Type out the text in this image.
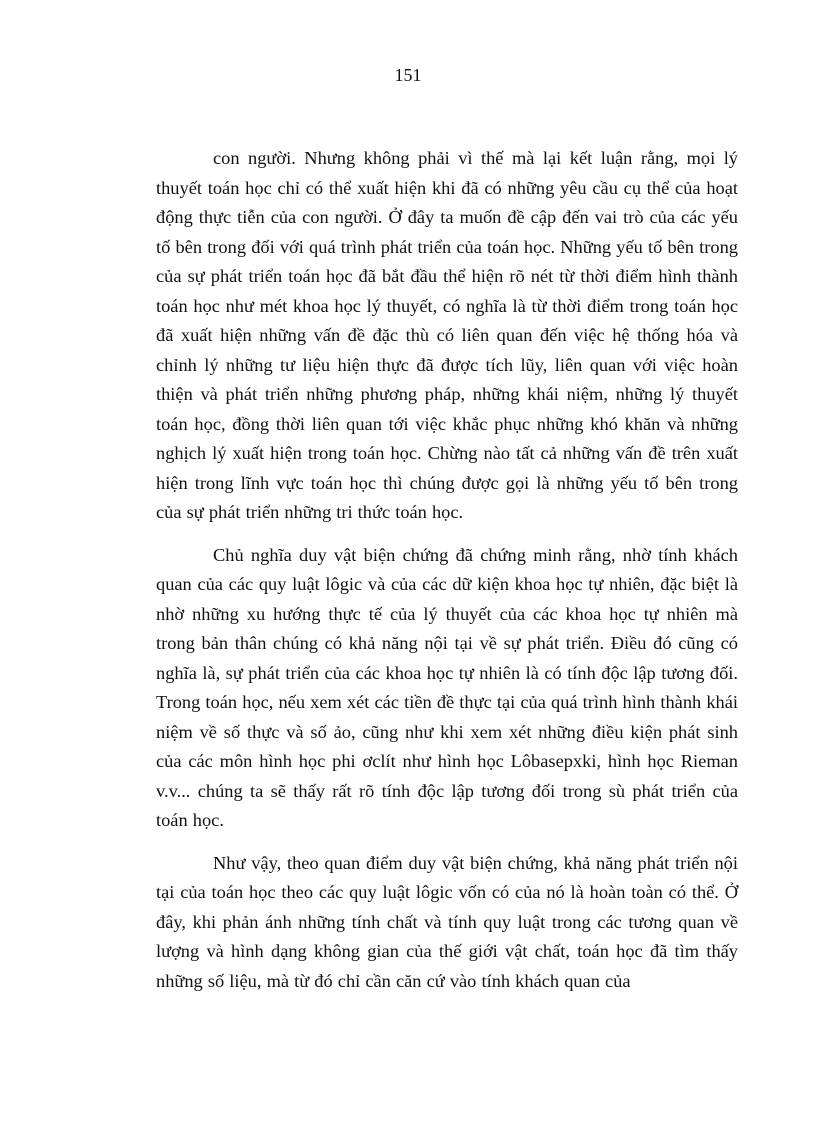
151

con người. Nhưng không phải vì thế mà lại kết luận rằng, mọi lý thuyết toán học chỉ có thể xuất hiện khi đã có những yêu cầu cụ thể của hoạt động thực tiễn của con người. Ở đây ta muốn đề cập đến vai trò của các yếu tố bên trong đối với quá trình phát triển của toán học. Những yếu tố bên trong của sự phát triển toán học đã bắt đầu thể hiện rõ nét từ thời điểm hình thành toán học như mét khoa học lý thuyết, có nghĩa là từ thời điểm trong toán học đã xuất hiện những vấn đề đặc thù có liên quan đến việc hệ thống hóa và chỉnh lý những tư liệu hiện thực đã được tích lũy, liên quan với việc hoàn thiện và phát triển những phương pháp, những khái niệm, những lý thuyết toán học, đồng thời liên quan tới việc khắc phục những khó khăn và những nghịch lý xuất hiện trong toán học. Chừng nào tất cả những vấn đề trên xuất hiện trong lĩnh vực toán học thì chúng được gọi là những yếu tố bên trong của sự phát triển những tri thức toán học.

Chủ nghĩa duy vật biện chứng đã chứng minh rằng, nhờ tính khách quan của các quy luật lôgic và của các dữ kiện khoa học tự nhiên, đặc biệt là nhờ những xu hướng thực tế của lý thuyết của các khoa học tự nhiên mà trong bản thân chúng có khả năng nội tại về sự phát triển. Điều đó cũng có nghĩa là, sự phát triển của các khoa học tự nhiên là có tính độc lập tương đối. Trong toán học, nếu xem xét các tiền đề thực tại của quá trình hình thành khái niệm về số thực và số ảo, cũng như khi xem xét những điều kiện phát sinh của các môn hình học phi ơclít như hình học Lôbasepxki, hình học Rieman v.v... chúng ta sẽ thấy rất rõ tính độc lập tương đối trong sù phát triển của toán học.

Như vậy, theo quan điểm duy vật biện chứng, khả năng phát triển nội tại của toán học theo các quy luật lôgic vốn có của nó là hoàn toàn có thể. Ở đây, khi phản ánh những tính chất và tính quy luật trong các tương quan về lượng và hình dạng không gian của thế giới vật chất, toán học đã tìm thấy những số liệu, mà từ đó chỉ cần căn cứ vào tính khách quan của
